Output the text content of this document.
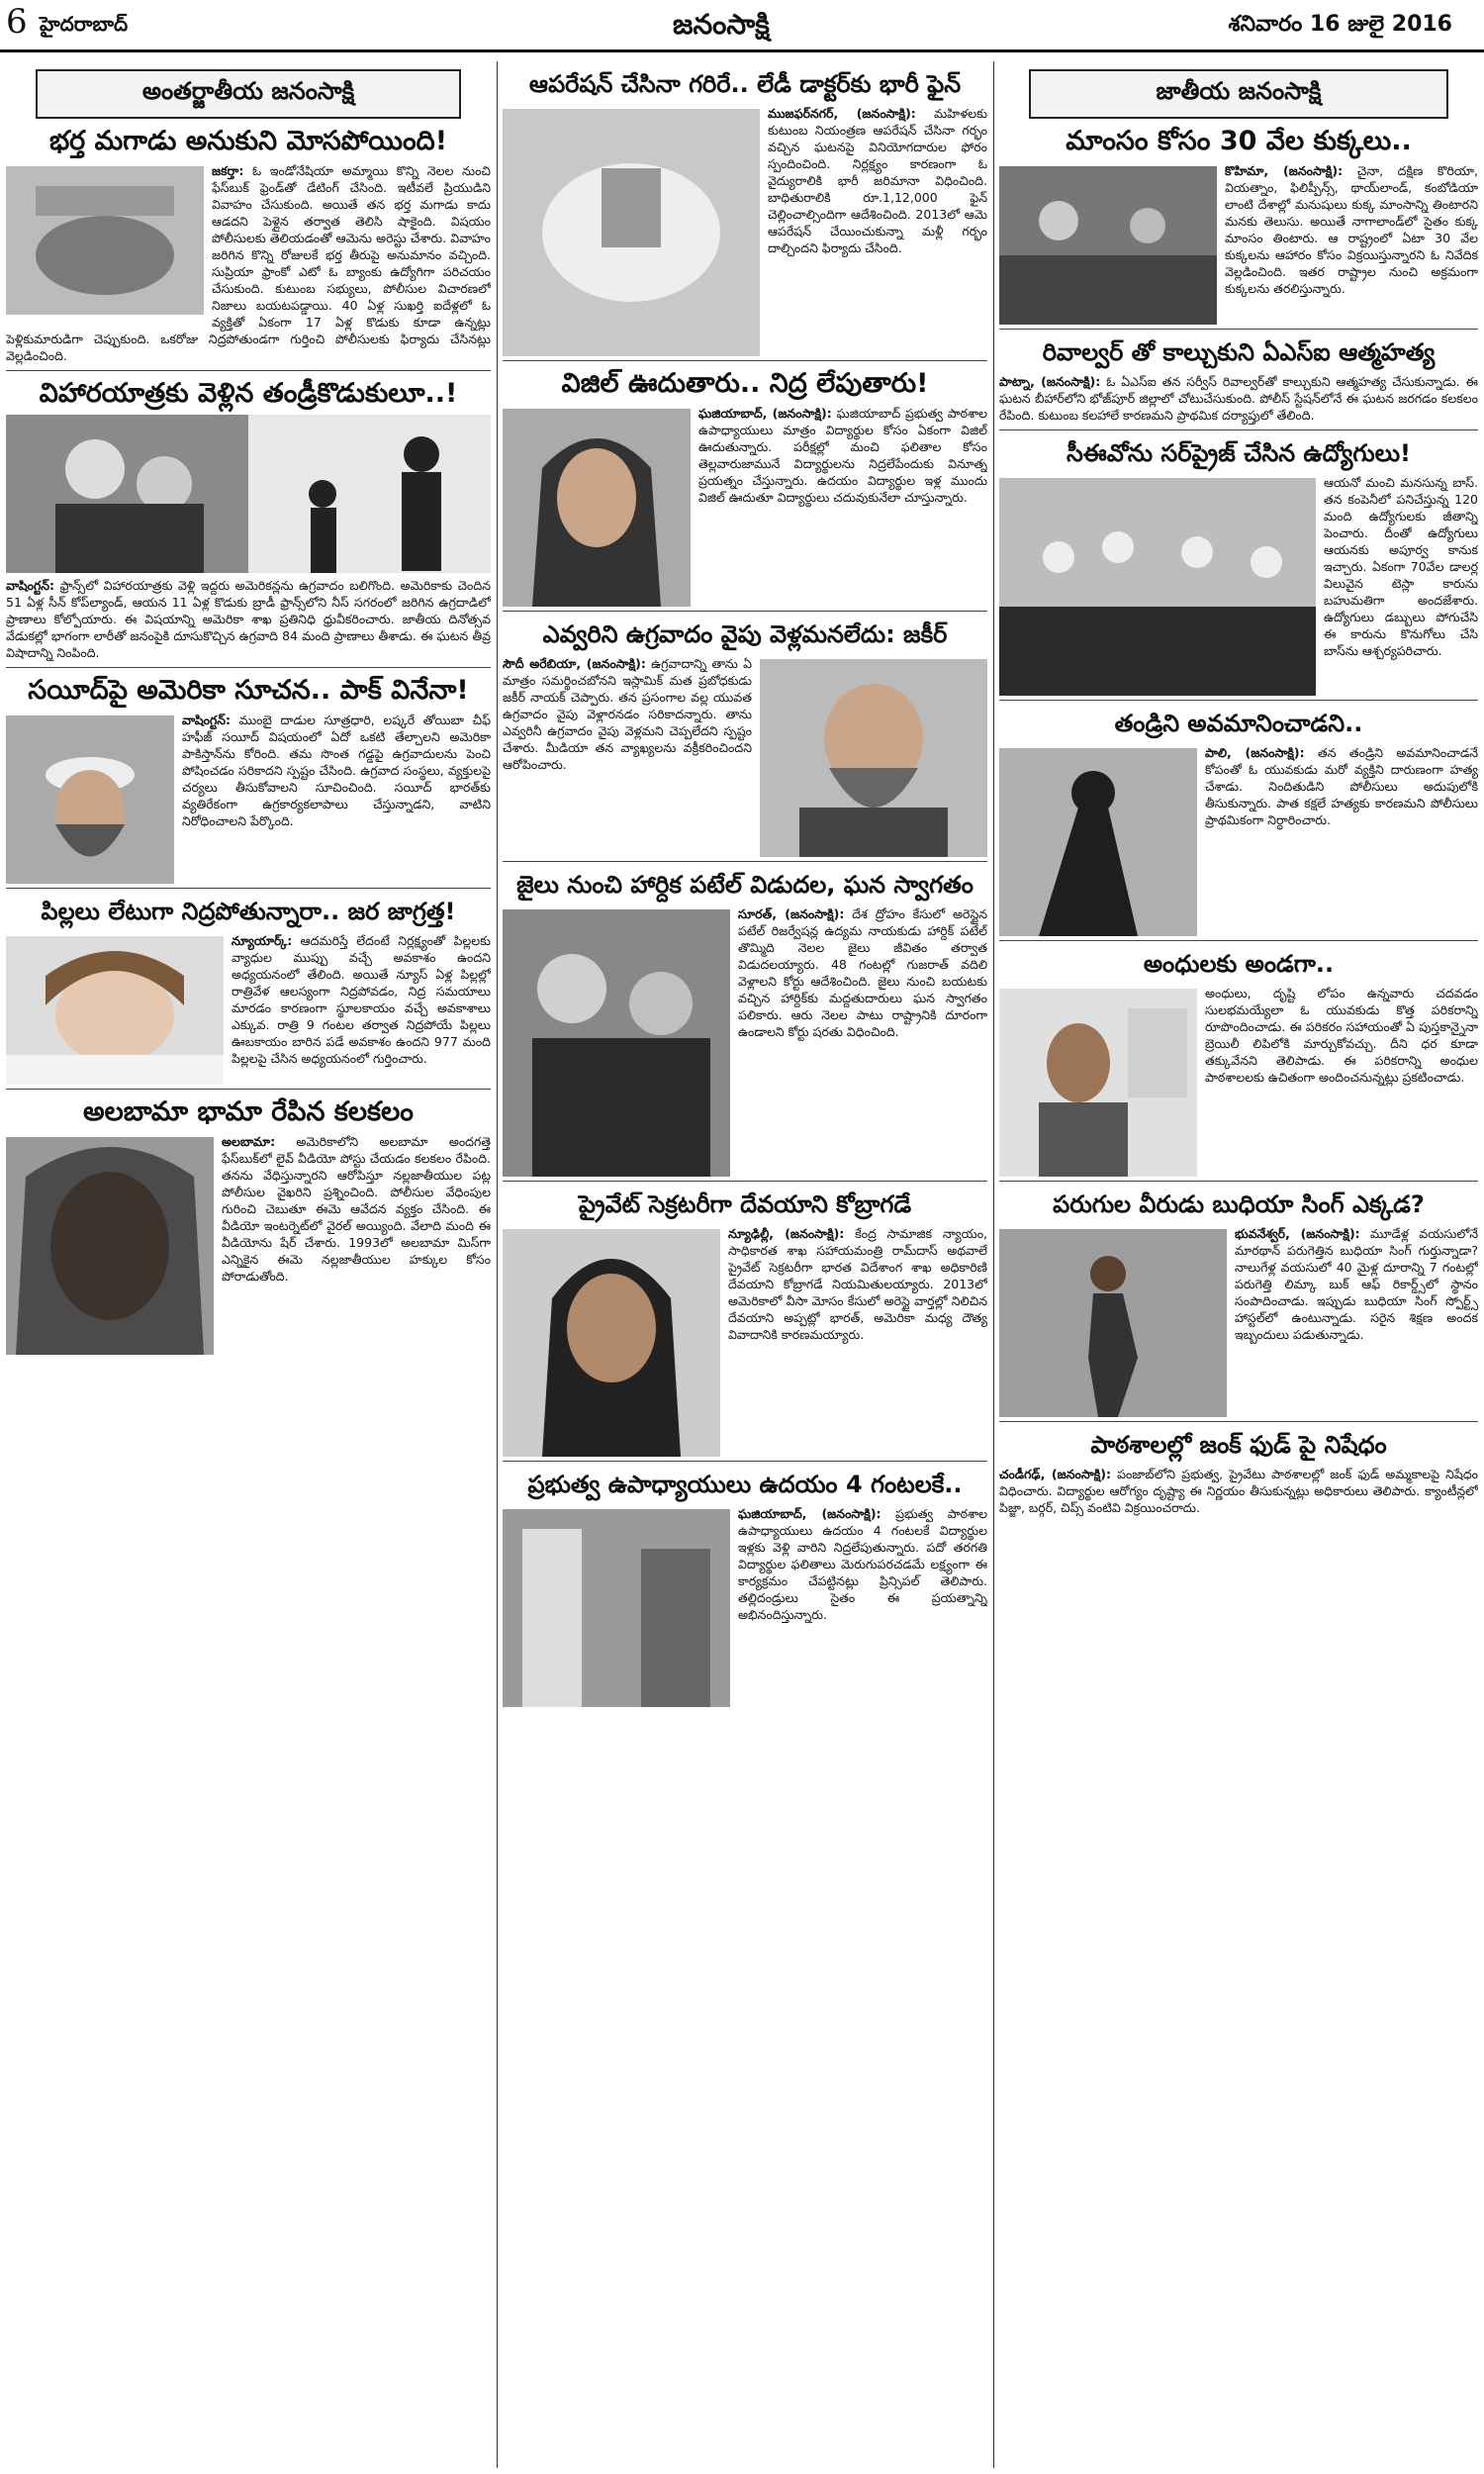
6 హైదరాబాద్	జనంసాక్షి	శనివారం 16 జులై 2016
అంతర్జాతీయ జనంసాక్షి
భర్త మగాడు అనుకుని మోసపోయింది!

జకర్తా: ఓ ఇండోనేషియా అమ్మాయి కొన్ని నెలల నుంచి ఫేస్‌బుక్ ఫ్రెండ్‌తో డేటింగ్ చేసింది. ఇటీవలే ప్రియుడిని వివాహం చేసుకుంది. అయితే తన భర్త మగాడు కాదు ఆడదని పెళ్లైన తర్వాత తెలిసి షాకైంది. విషయం పోలీసులకు తెలియడంతో ఆమెను అరెస్టు చేశారు. వివాహం జరిగిన కొన్ని రోజులకే భర్త తీరుపై అనుమానం వచ్చింది. సుప్రియా ఫ్రాంకో ఎటో ఓ బ్యాంకు ఉద్యోగిగా పరిచయం చేసుకుంది. కుటుంబ సభ్యులు, పోలీసుల విచారణలో నిజాలు బయటపడ్డాయి. 40 ఏళ్ల సుఖర్తి ఐదేళ్లలో ఓ వ్యక్తితో ఏకంగా 17 ఏళ్ల కొడుకు కూడా ఉన్నట్లు పెళ్లికుమారుడిగా చెప్పుకుంది. ఒకరోజు నిద్రపోతుండగా గుర్తించి పోలీసులకు ఫిర్యాదు చేసినట్లు వెల్లడించింది.

విహారయాత్రకు వెళ్లిన తండ్రీకొడుకులూ..!

వాషింగ్టన్: ఫ్రాన్స్‌లో విహారయాత్రకు వెళ్లి ఇద్దరు అమెరికన్లను ఉగ్రవాదం బలిగొంది. అమెరికాకు చెందిన 51 ఏళ్ల సీన్ కోప్‌ల్యాండ్, ఆయన 11 ఏళ్ల కొడుకు బ్రాడీ ఫ్రాన్స్‌లోని నీస్ సగరంలో జరిగిన ఉగ్రదాడిలో ప్రాణాలు కోల్పోయారు. ఈ విషయాన్ని అమెరికా శాఖ ప్రతినిధి ధ్రువీకరించారు. జాతీయ దినోత్సవ వేడుకల్లో భాగంగా లారీతో జనంపైకి దూసుకొచ్చిన ఉగ్రవాది 84 మంది ప్రాణాలు తీశాడు. ఈ ఘటన తీవ్ర విషాదాన్ని నింపింది.

సయీద్‌పై అమెరికా సూచన.. పాక్ వినేనా!

వాషింగ్టన్: ముంబై దాడుల సూత్రధారి, లష్కరే తోయిబా చీఫ్ హఫీజ్ సయీద్ విషయంలో ఏదో ఒకటి తేల్చాలని అమెరికా పాకిస్తాన్‌ను కోరింది. తమ సొంత గడ్డపై ఉగ్రవాదులను పెంచి పోషించడం సరికాదని స్పష్టం చేసింది. ఉగ్రవాద సంస్థలు, వ్యక్తులపై చర్యలు తీసుకోవాలని సూచించింది. సయీద్ భారత్‌కు వ్యతిరేకంగా ఉగ్రకార్యకలాపాలు చేస్తున్నాడని, వాటిని నిరోధించాలని పేర్కొంది.

పిల్లలు లేటుగా నిద్రపోతున్నారా.. జర జాగ్రత్త!

న్యూయార్క్: ఆదమరిస్తే లేదంటే నిర్లక్ష్యంతో పిల్లలకు వ్యాధుల ముప్పు వచ్చే అవకాశం ఉందని అధ్యయనంలో తేలింది. అయితే న్యూస్ ఏళ్ల పిల్లల్లో రాత్రివేళ ఆలస్యంగా నిద్రపోవడం, నిద్ర సమయాలు మారడం కారణంగా స్థూలకాయం వచ్చే అవకాశాలు ఎక్కువ. రాత్రి 9 గంటల తర్వాత నిద్రపోయే పిల్లలు ఊబకాయం బారిన పడే అవకాశం ఉందని 977 మంది పిల్లలపై చేసిన అధ్యయనంలో గుర్తించారు.

అలబామా భామా రేపిన కలకలం

అలబామా: అమెరికాలోని అలబామా అందగత్తె ఫేస్‌బుక్‌లో లైవ్ వీడియో పోస్టు చేయడం కలకలం రేపింది. తనను వేధిస్తున్నారని ఆరోపిస్తూ నల్లజాతీయుల పట్ల పోలీసుల వైఖరిని ప్రశ్నించింది. పోలీసుల వేధింపుల గురించి చెబుతూ ఈమె ఆవేదన వ్యక్తం చేసింది. ఈ వీడియో ఇంటర్నెట్‌లో వైరల్ అయ్యింది. వేలాది మంది ఈ వీడియోను షేర్ చేశారు. 1993లో అలబామా మిస్‌గా ఎన్నికైన ఈమె నల్లజాతీయుల హక్కుల కోసం పోరాడుతోంది.

ఆపరేషన్ చేసినా గరిరే.. లేడీ డాక్టర్‌కు భారీ ఫైన్

ముజఫర్‌నగర్, (జనంసాక్షి): మహిళలకు కుటుంబ నియంత్రణ ఆపరేషన్ చేసినా గర్భం వచ్చిన ఘటనపై వినియోగదారుల ఫోరం స్పందించింది. నిర్లక్ష్యం కారణంగా ఓ వైద్యురాలికి భారీ జరిమానా విధించింది. బాధితురాలికి రూ.1,12,000 ఫైన్ చెల్లించాల్సిందిగా ఆదేశించింది. 2013లో ఆమె ఆపరేషన్ చేయించుకున్నా మళ్లీ గర్భం దాల్చిందని ఫిర్యాదు చేసింది.

విజిల్ ఊదుతారు.. నిద్ర లేపుతారు!

ఘజియాబాద్, (జనంసాక్షి): ఘజియాబాద్ ప్రభుత్వ పాఠశాల ఉపాధ్యాయులు మాత్రం విద్యార్థుల కోసం ఏకంగా విజిల్ ఊదుతున్నారు. పరీక్షల్లో మంచి ఫలితాల కోసం తెల్లవారుజామునే విద్యార్థులను నిద్రలేపేందుకు వినూత్న ప్రయత్నం చేస్తున్నారు. ఉదయం విద్యార్థుల ఇళ్ల ముందు విజిల్ ఊదుతూ విద్యార్థులు చదువుకునేలా చూస్తున్నారు.

ఎవ్వరిని ఉగ్రవాదం వైపు వెళ్లమనలేదు: జకీర్

సౌదీ అరేబియా, (జనంసాక్షి): ఉగ్రవాదాన్ని తాను ఏ మాత్రం సమర్థించబోనని ఇస్లామిక్ మత ప్రబోధకుడు జకీర్ నాయక్ చెప్పారు. తన ప్రసంగాల వల్ల యువత ఉగ్రవాదం వైపు వెళ్లారనడం సరికాదన్నారు. తాను ఎవ్వరినీ ఉగ్రవాదం వైపు వెళ్లమని చెప్పలేదని స్పష్టం చేశారు. మీడియా తన వ్యాఖ్యలను వక్రీకరించిందని ఆరోపించారు.

జైలు నుంచి హార్దిక పటేల్ విడుదల, ఘన స్వాగతం

సూరత్, (జనంసాక్షి): దేశ ద్రోహం కేసులో అరెస్టైన పటేల్ రిజర్వేషన్ల ఉద్యమ నాయకుడు హార్దిక్ పటేల్ తొమ్మిది నెలల జైలు జీవితం తర్వాత విడుదలయ్యారు. 48 గంటల్లో గుజరాత్ వదిలి వెళ్లాలని కోర్టు ఆదేశించింది. జైలు నుంచి బయటకు వచ్చిన హార్దిక్‌కు మద్దతుదారులు ఘన స్వాగతం పలికారు. ఆరు నెలల పాటు రాష్ట్రానికి దూరంగా ఉండాలని కోర్టు షరతు విధించింది.

ప్రైవేట్ సెక్రటరీగా దేవయాని కోబ్రాగడే

న్యూఢిల్లీ, (జనంసాక్షి): కేంద్ర సామాజిక న్యాయం, సాధికారత శాఖ సహాయమంత్రి రామ్‌దాస్ అథవాలే ప్రైవేట్ సెక్రటరీగా భారత విదేశాంగ శాఖ అధికారిణి దేవయాని కోబ్రాగడే నియమితులయ్యారు. 2013లో అమెరికాలో వీసా మోసం కేసులో అరెస్టై వార్తల్లో నిలిచిన దేవయాని అప్పట్లో భారత్, అమెరికా మధ్య దౌత్య వివాదానికి కారణమయ్యారు.

ప్రభుత్వ ఉపాధ్యాయులు ఉదయం 4 గంటలకే..

ఘజియాబాద్, (జనంసాక్షి): ప్రభుత్వ పాఠశాల ఉపాధ్యాయులు ఉదయం 4 గంటలకే విద్యార్థుల ఇళ్లకు వెళ్లి వారిని నిద్రలేపుతున్నారు. పదో తరగతి విద్యార్థుల ఫలితాలు మెరుగుపరచడమే లక్ష్యంగా ఈ కార్యక్రమం చేపట్టినట్లు ప్రిన్సిపల్ తెలిపారు. తల్లిదండ్రులు సైతం ఈ ప్రయత్నాన్ని అభినందిస్తున్నారు.

జాతీయ జనంసాక్షి
మాంసం కోసం 30 వేల కుక్కలు..

కొహిమా, (జనంసాక్షి): చైనా, దక్షిణ కొరియా, వియత్నాం, ఫిలిప్పీన్స్, థాయ్‌లాండ్, కంబోడియా లాంటి దేశాల్లో మనుషులు కుక్క మాంసాన్ని తింటారని మనకు తెలుసు. అయితే నాగాలాండ్‌లో సైతం కుక్క మాంసం తింటారు. ఆ రాష్ట్రంలో ఏటా 30 వేల కుక్కలను ఆహారం కోసం విక్రయిస్తున్నారని ఓ నివేదిక వెల్లడించింది. ఇతర రాష్ట్రాల నుంచి అక్రమంగా కుక్కలను తరలిస్తున్నారు.

రివాల్వర్ తో కాల్చుకుని ఏఎస్ఐ ఆత్మహత్య

పాట్నా, (జనంసాక్షి): ఓ ఏఎస్ఐ తన సర్వీస్ రివాల్వర్‌తో కాల్చుకుని ఆత్మహత్య చేసుకున్నాడు. ఈ ఘటన బీహార్‌లోని భోజ్‌పూర్ జిల్లాలో చోటుచేసుకుంది. పోలీస్ స్టేషన్‌లోనే ఈ ఘటన జరగడం కలకలం రేపింది. కుటుంబ కలహాలే కారణమని ప్రాథమిక దర్యాప్తులో తేలింది.

సీఈవోను సర్‌ప్రైజ్ చేసిన ఉద్యోగులు!

ఆయనో మంచి మనసున్న బాస్. తన కంపెనీలో పనిచేస్తున్న 120 మంది ఉద్యోగులకు జీతాన్ని పెంచారు. దీంతో ఉద్యోగులు ఆయనకు అపూర్వ కానుక ఇచ్చారు. ఏకంగా 70వేల డాలర్ల విలువైన టెస్లా కారును బహుమతిగా అందజేశారు. ఉద్యోగులు డబ్బులు పోగుచేసి ఈ కారును కొనుగోలు చేసి బాస్‌ను ఆశ్చర్యపరిచారు.

తండ్రిని అవమానించాడని..

పాలి, (జనంసాక్షి): తన తండ్రిని అవమానించాడనే కోపంతో ఓ యువకుడు మరో వ్యక్తిని దారుణంగా హత్య చేశాడు. నిందితుడిని పోలీసులు అదుపులోకి తీసుకున్నారు. పాత కక్షలే హత్యకు కారణమని పోలీసులు ప్రాథమికంగా నిర్ధారించారు.

అంధులకు అండగా..

అంధులు, దృష్టి లోపం ఉన్నవారు చదవడం సులభమయ్యేలా ఓ యువకుడు కొత్త పరికరాన్ని రూపొందించాడు. ఈ పరికరం సహాయంతో ఏ పుస్తకాన్నైనా బ్రెయిలీ లిపిలోకి మార్చుకోవచ్చు. దీని ధర కూడా తక్కువేనని తెలిపాడు. ఈ పరికరాన్ని అంధుల పాఠశాలలకు ఉచితంగా అందించనున్నట్లు ప్రకటించాడు.

పరుగుల వీరుడు బుధియా సింగ్ ఎక్కడ?

భువనేశ్వర్, (జనంసాక్షి): మూడేళ్ల వయసులోనే మారథాన్ పరుగెత్తిన బుధియా సింగ్ గుర్తున్నాడా? నాలుగేళ్ల వయసులో 40 మైళ్ల దూరాన్ని 7 గంటల్లో పరుగెత్తి లిమ్కా బుక్ ఆఫ్ రికార్డ్స్‌లో స్థానం సంపాదించాడు. ఇప్పుడు బుధియా సింగ్ స్పోర్ట్స్ హాస్టల్‌లో ఉంటున్నాడు. సరైన శిక్షణ అందక ఇబ్బందులు పడుతున్నాడు.

పాఠశాలల్లో జంక్ ఫుడ్ పై నిషేధం

చండీగఢ్, (జనంసాక్షి): పంజాబ్‌లోని ప్రభుత్వ, ప్రైవేటు పాఠశాలల్లో జంక్ ఫుడ్ అమ్మకాలపై నిషేధం విధించారు. విద్యార్థుల ఆరోగ్యం దృష్ట్యా ఈ నిర్ణయం తీసుకున్నట్లు అధికారులు తెలిపారు. క్యాంటీన్లలో పిజ్జా, బర్గర్, చిప్స్ వంటివి విక్రయించరాదు.
